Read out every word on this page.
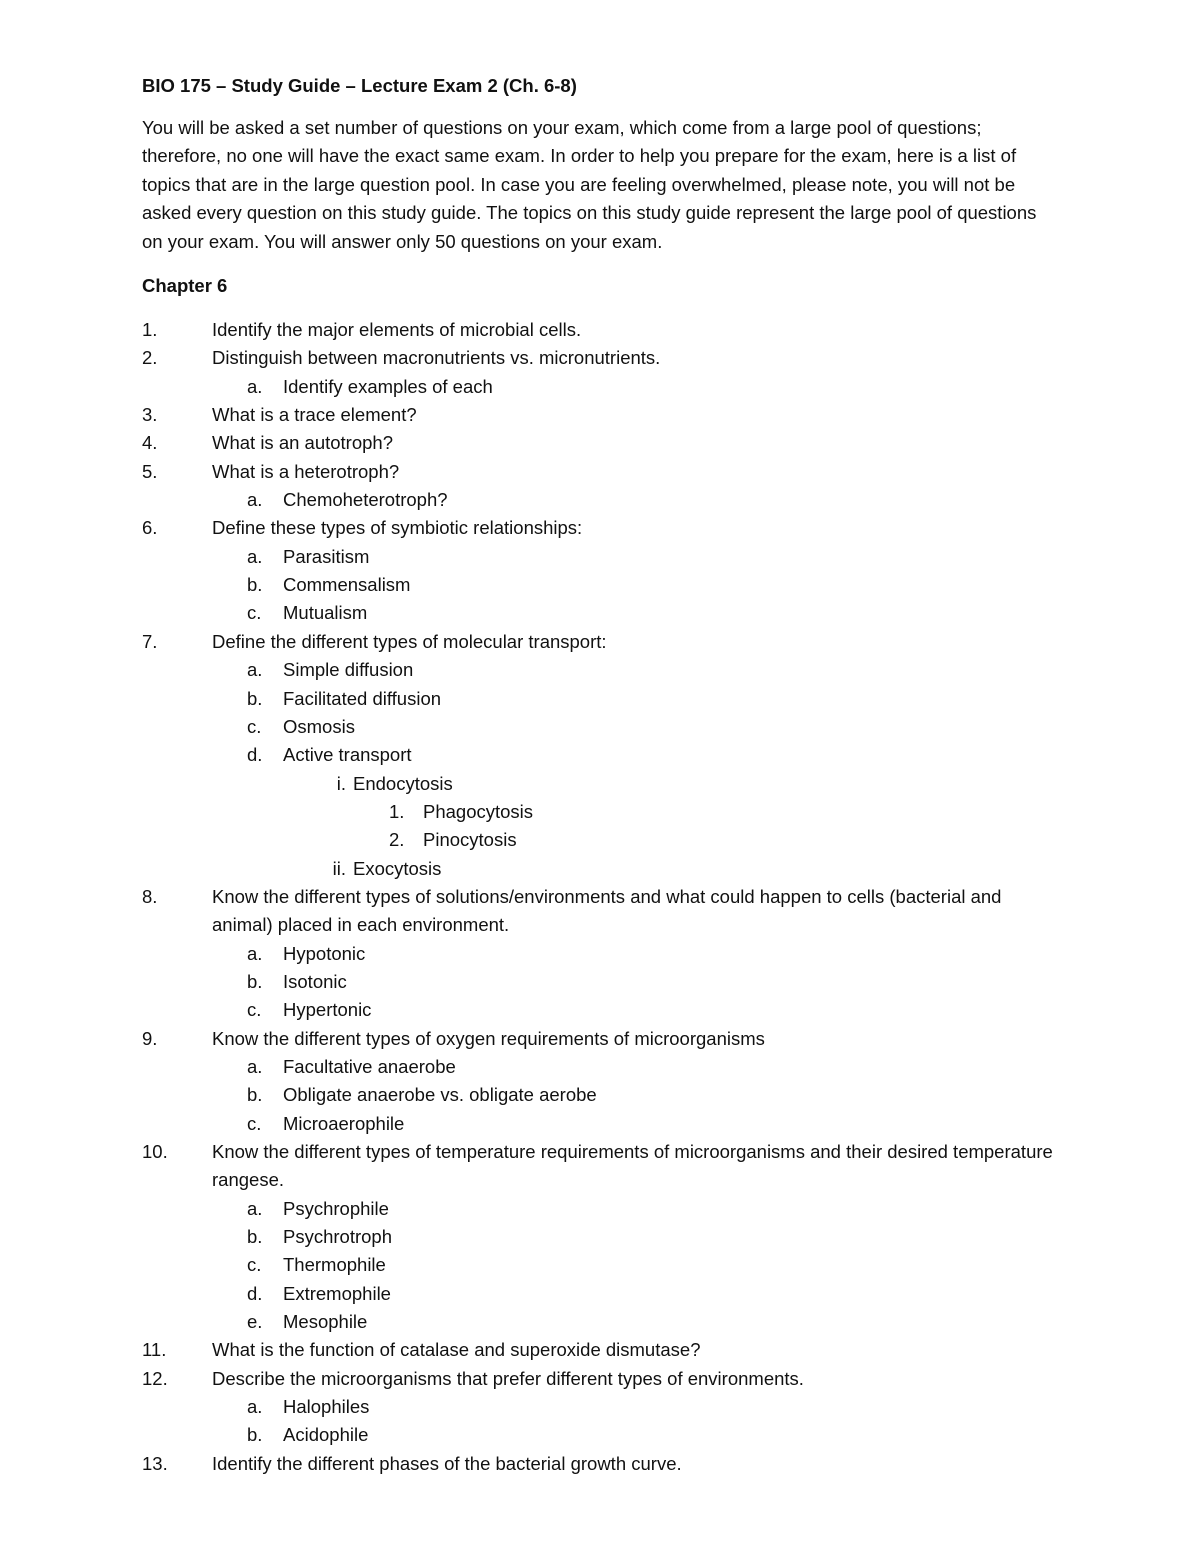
BIO 175 – Study Guide – Lecture Exam 2 (Ch. 6-8)
You will be asked a set number of questions on your exam, which come from a large pool of questions; therefore, no one will have the exact same exam. In order to help you prepare for the exam, here is a list of topics that are in the large question pool. In case you are feeling overwhelmed, please note, you will not be asked every question on this study guide. The topics on this study guide represent the large pool of questions on your exam. You will answer only 50 questions on your exam.
Chapter 6
1.	Identify the major elements of microbial cells.
2.	Distinguish between macronutrients vs. micronutrients.
a. Identify examples of each
3.	What is a trace element?
4.	What is an autotroph?
5.	What is a heterotroph?
a. Chemoheterotroph?
6.	Define these types of symbiotic relationships:
a. Parasitism
b. Commensalism
c. Mutualism
7.	Define the different types of molecular transport:
a. Simple diffusion
b. Facilitated diffusion
c. Osmosis
d. Active transport
i. Endocytosis
1. Phagocytosis
2. Pinocytosis
ii. Exocytosis
8.	Know the different types of solutions/environments and what could happen to cells (bacterial and animal) placed in each environment.
a. Hypotonic
b. Isotonic
c. Hypertonic
9.	Know the different types of oxygen requirements of microorganisms
a. Facultative anaerobe
b. Obligate anaerobe vs. obligate aerobe
c. Microaerophile
10.	Know the different types of temperature requirements of microorganisms and their desired temperature rangese.
a. Psychrophile
b. Psychrotroph
c. Thermophile
d. Extremophile
e. Mesophile
11.	What is the function of catalase and superoxide dismutase?
12.	Describe the microorganisms that prefer different types of environments.
a. Halophiles
b. Acidophile
13.	Identify the different phases of the bacterial growth curve.
